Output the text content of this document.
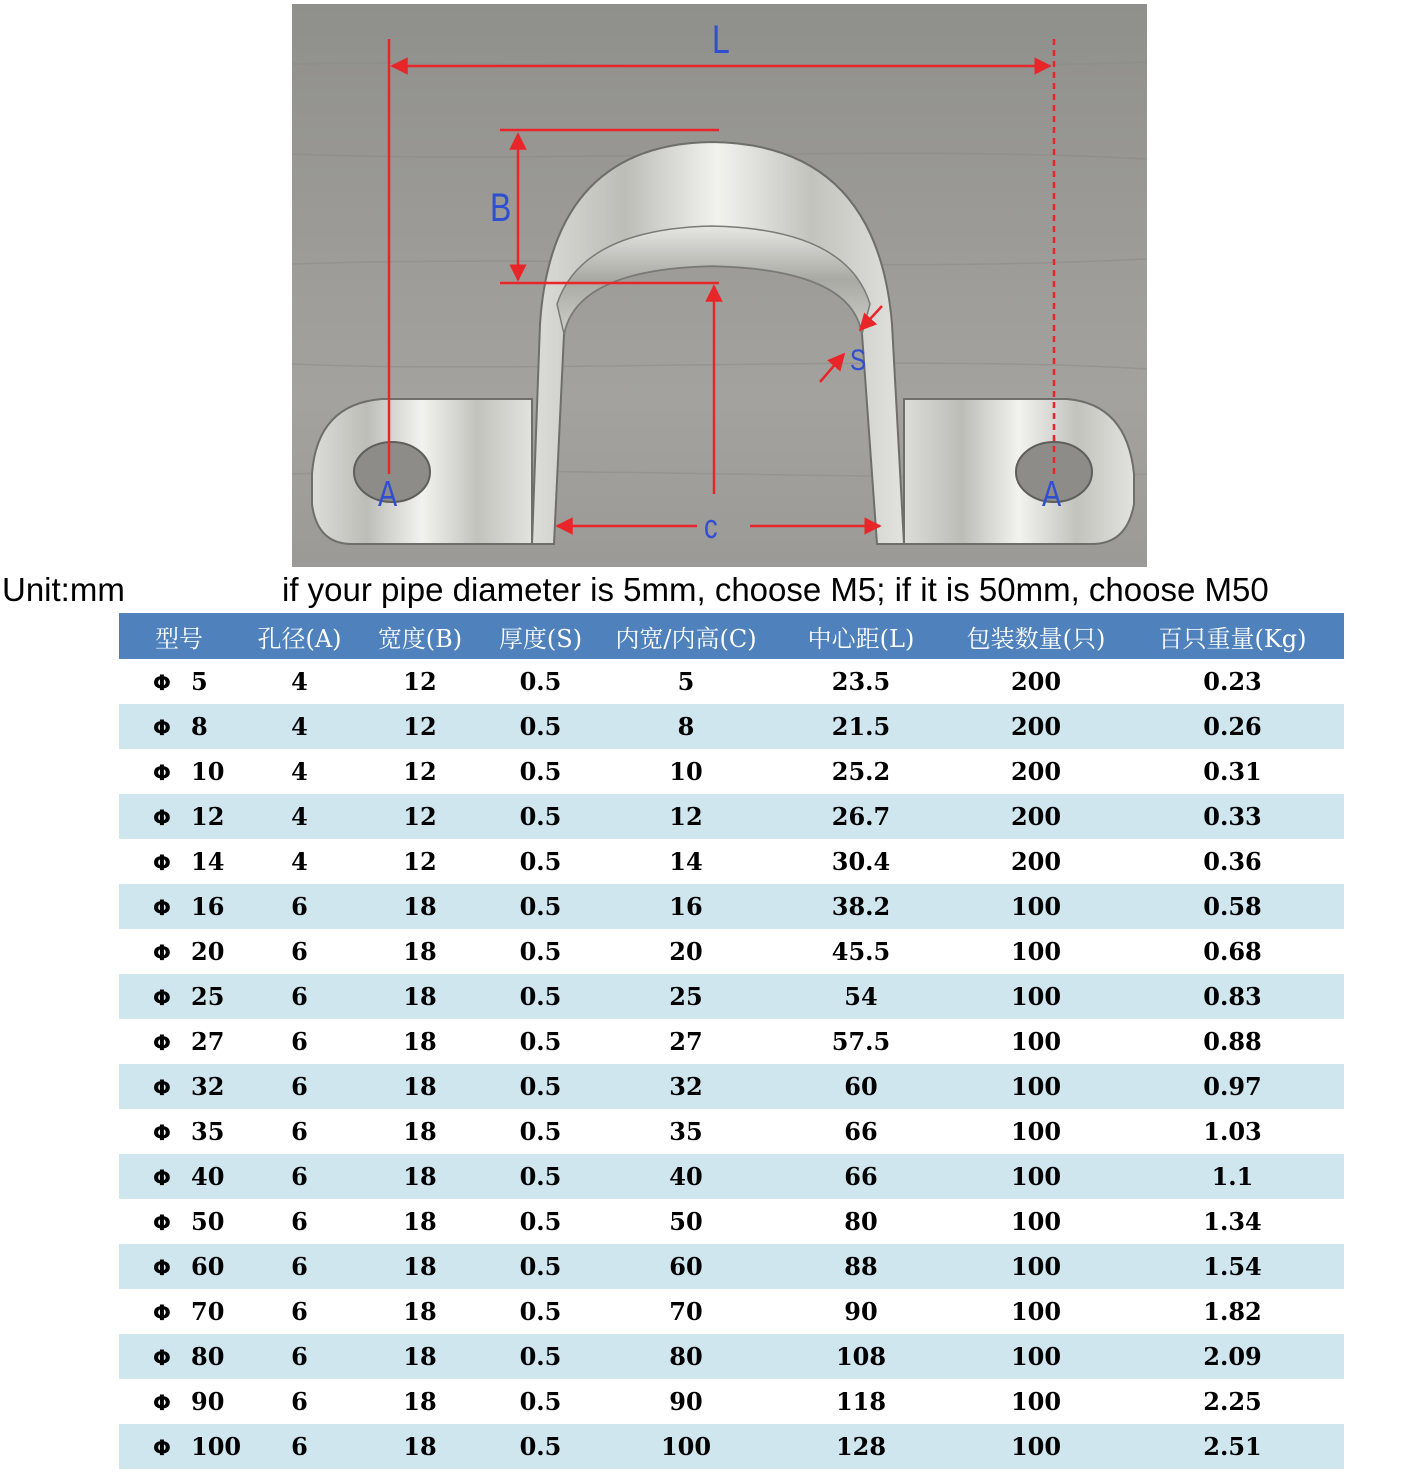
L
B
S
c
A	A
Unit:mm	if your pipe diameter is 5mm, choose M5; if it is 50mm, choose M50
型号	孔径(A)	宽度(B)	厚度(S)	内宽/内高(C)	中心距(L)	包装数量(只)	百只重量(Kg)
Φ 5	4	12	0.5	5	23.5	200	0.23
Φ 8	4	12	0.5	8	21.5	200	0.26
Φ 10	4	12	0.5	10	25.2	200	0.31
Φ 12	4	12	0.5	12	26.7	200	0.33
Φ 14	4	12	0.5	14	30.4	200	0.36
Φ 16	6	18	0.5	16	38.2	100	0.58
Φ 20	6	18	0.5	20	45.5	100	0.68
Φ 25	6	18	0.5	25	54	100	0.83
Φ 27	6	18	0.5	27	57.5	100	0.88
Φ 32	6	18	0.5	32	60	100	0.97
Φ 35	6	18	0.5	35	66	100	1.03
Φ 40	6	18	0.5	40	66	100	1.1
Φ 50	6	18	0.5	50	80	100	1.34
Φ 60	6	18	0.5	60	88	100	1.54
Φ 70	6	18	0.5	70	90	100	1.82
Φ 80	6	18	0.5	80	108	100	2.09
Φ 90	6	18	0.5	90	118	100	2.25
Φ 100	6	18	0.5	100	128	100	2.51
